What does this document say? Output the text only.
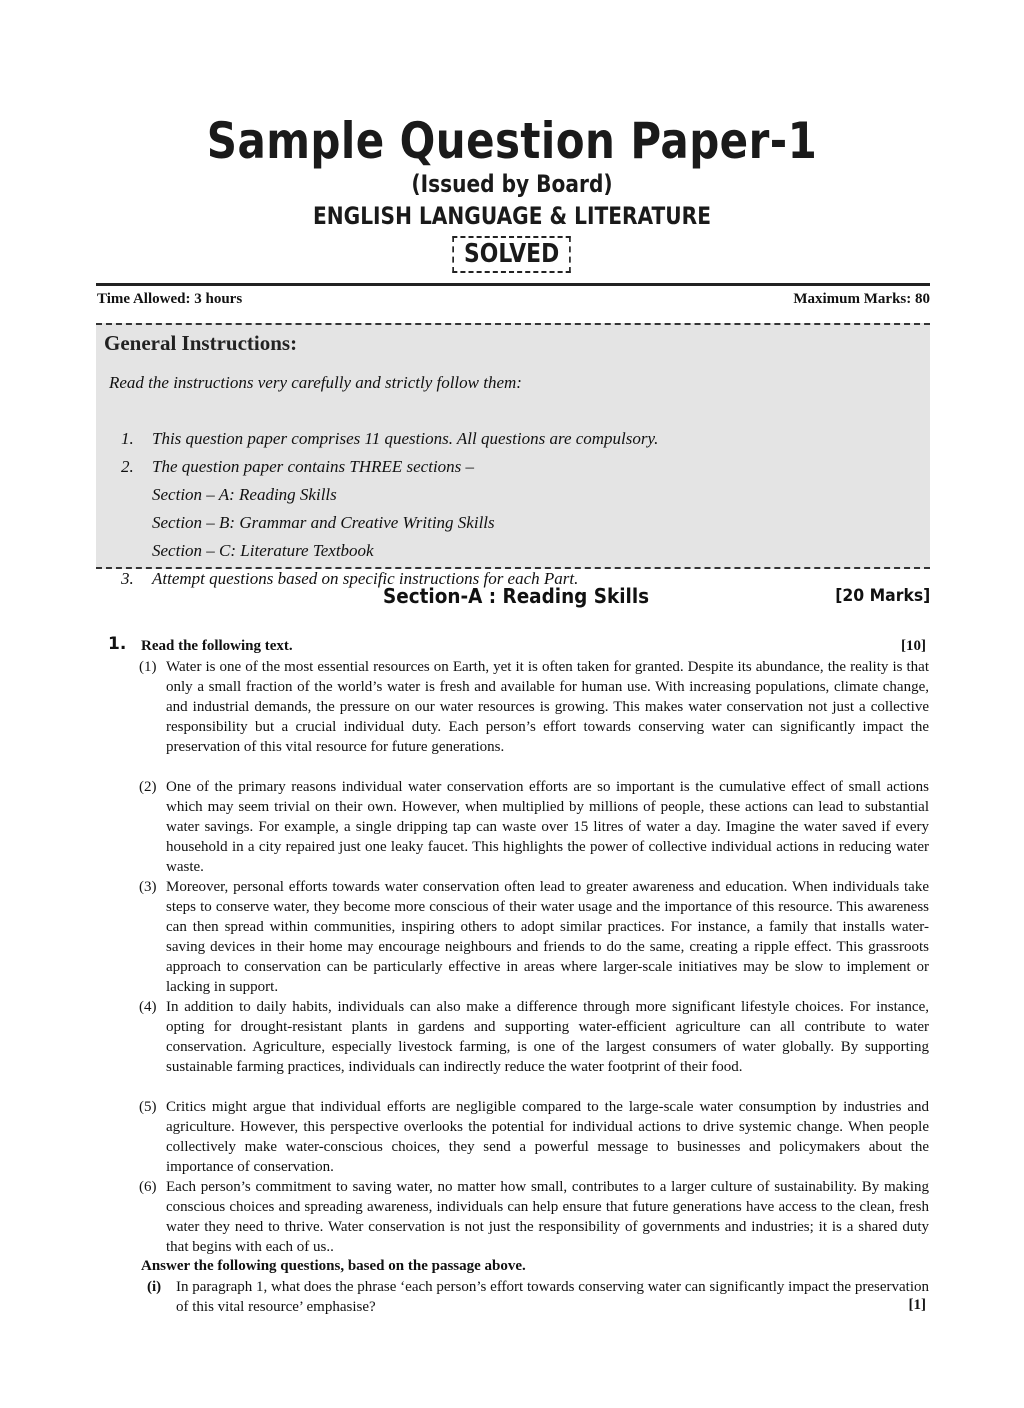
Sample Question Paper-1
(Issued by Board)
ENGLISH LANGUAGE & LITERATURE
SOLVED
Time Allowed: 3 hours	Maximum Marks: 80
General Instructions:
Read the instructions very carefully and strictly follow them:
1. This question paper comprises 11 questions. All questions are compulsory.
2. The question paper contains THREE sections –
Section – A: Reading Skills
Section – B: Grammar and Creative Writing Skills
Section – C: Literature Textbook
3. Attempt questions based on specific instructions for each Part.
Section-A : Reading Skills	[20 Marks]
1. Read the following text.	[10]
(1) Water is one of the most essential resources on Earth, yet it is often taken for granted. Despite its abundance, the reality is that only a small fraction of the world’s water is fresh and available for human use. With increasing populations, climate change, and industrial demands, the pressure on our water resources is growing. This makes water conservation not just a collective responsibility but a crucial individual duty. Each person’s effort towards conserving water can significantly impact the preservation of this vital resource for future generations.
(2) One of the primary reasons individual water conservation efforts are so important is the cumulative effect of small actions which may seem trivial on their own. However, when multiplied by millions of people, these actions can lead to substantial water savings. For example, a single dripping tap can waste over 15 litres of water a day. Imagine the water saved if every household in a city repaired just one leaky faucet. This highlights the power of collective individual actions in reducing water waste.
(3) Moreover, personal efforts towards water conservation often lead to greater awareness and education. When individuals take steps to conserve water, they become more conscious of their water usage and the importance of this resource. This awareness can then spread within communities, inspiring others to adopt similar practices. For instance, a family that installs water-saving devices in their home may encourage neighbours and friends to do the same, creating a ripple effect. This grassroots approach to conservation can be particularly effective in areas where larger-scale initiatives may be slow to implement or lacking in support.
(4) In addition to daily habits, individuals can also make a difference through more significant lifestyle choices. For instance, opting for drought-resistant plants in gardens and supporting water-efficient agriculture can all contribute to water conservation. Agriculture, especially livestock farming, is one of the largest consumers of water globally. By supporting sustainable farming practices, individuals can indirectly reduce the water footprint of their food.
(5) Critics might argue that individual efforts are negligible compared to the large-scale water consumption by industries and agriculture. However, this perspective overlooks the potential for individual actions to drive systemic change. When people collectively make water-conscious choices, they send a powerful message to businesses and policymakers about the importance of conservation.
(6) Each person’s commitment to saving water, no matter how small, contributes to a larger culture of sustainability. By making conscious choices and spreading awareness, individuals can help ensure that future generations have access to the clean, fresh water they need to thrive. Water conservation is not just the responsibility of governments and industries; it is a shared duty that begins with each of us..
Answer the following questions, based on the passage above.
(i) In paragraph 1, what does the phrase ‘each person’s effort towards conserving water can significantly impact the preservation of this vital resource’ emphasise?	[1]
